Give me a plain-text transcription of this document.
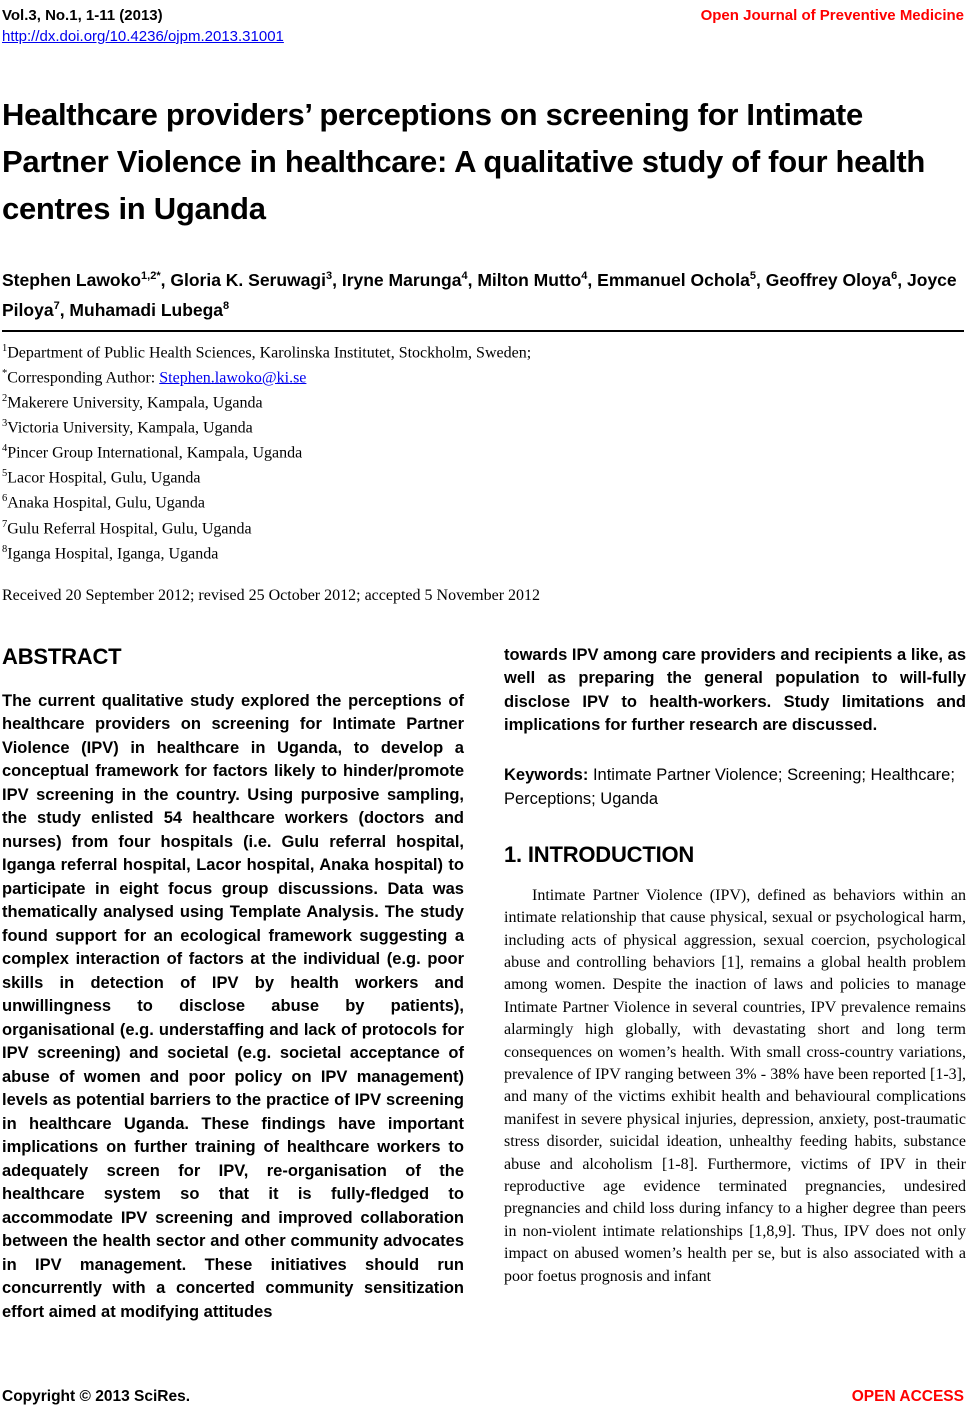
Vol.3, No.1, 1-11 (2013)
http://dx.doi.org/10.4236/ojpm.2013.31001
Open Journal of Preventive Medicine
Healthcare providers’ perceptions on screening for Intimate Partner Violence in healthcare: A qualitative study of four health centres in Uganda
Stephen Lawoko$^{1,2*}$, Gloria K. Seruwagi$^3$, Iryne Marunga$^4$, Milton Mutto$^4$, Emmanuel Ochola$^5$, Geoffrey Oloya$^6$, Joyce Piloya$^7$, Muhamadi Lubega$^8$
$^1$Department of Public Health Sciences, Karolinska Institutet, Stockholm, Sweden;
*Corresponding Author: Stephen.lawoko@ki.se
$^2$Makerere University, Kampala, Uganda
$^3$Victoria University, Kampala, Uganda
$^4$Pincer Group International, Kampala, Uganda
$^5$Lacor Hospital, Gulu, Uganda
$^6$Anaka Hospital, Gulu, Uganda
$^7$Gulu Referral Hospital, Gulu, Uganda
$^8$Iganga Hospital, Iganga, Uganda
Received 20 September 2012; revised 25 October 2012; accepted 5 November 2012
ABSTRACT

The current qualitative study explored the perceptions of healthcare providers on screening for Intimate Partner Violence (IPV) in healthcare in Uganda, to develop a conceptual framework for factors likely to hinder/promote IPV screening in the country. Using purposive sampling, the study enlisted 54 healthcare workers (doctors and nurses) from four hospitals (i.e. Gulu referral hospital, Iganga referral hospital, Lacor hospital, Anaka hospital) to participate in eight focus group discussions. Data was thematically analysed using Template Analysis. The study found support for an ecological framework suggesting a complex interaction of factors at the individual (e.g. poor skills in detection of IPV by health workers and unwillingness to disclose abuse by patients), organisational (e.g. understaffing and lack of protocols for IPV screening) and societal (e.g. societal acceptance of abuse of women and poor policy on IPV management) levels as potential barriers to the practice of IPV screening in healthcare Uganda. These findings have important implications on further training of healthcare workers to adequately screen for IPV, re-organisation of the healthcare system so that it is fully-fledged to accommodate IPV screening and improved collaboration between the health sector and other community advocates in IPV management. These initiatives should run concurrently with a concerted community sensitization effort aimed at modifying attitudes

towards IPV among care providers and recipients a like, as well as preparing the general population to will-fully disclose IPV to health-workers. Study limitations and implications for further research are discussed.

Keywords: Intimate Partner Violence; Screening; Healthcare; Perceptions; Uganda

1. INTRODUCTION

Intimate Partner Violence (IPV), defined as behaviors within an intimate relationship that cause physical, sexual or psychological harm, including acts of physical aggression, sexual coercion, psychological abuse and controlling behaviors [1], remains a global health problem among women. Despite the inaction of laws and policies to manage Intimate Partner Violence in several countries, IPV prevalence remains alarmingly high globally, with devastating short and long term consequences on women’s health. With small cross-country variations, prevalence of IPV ranging between 3% - 38% have been reported [1-3], and many of the victims exhibit health and behavioural complications manifest in severe physical injuries, depression, anxiety, post-traumatic stress disorder, suicidal ideation, unhealthy feeding habits, substance abuse and alcoholism [1-8]. Furthermore, victims of IPV in their reproductive age evidence terminated pregnancies, undesired pregnancies and child loss during infancy to a higher degree than peers in non-violent intimate relationships [1,8,9]. Thus, IPV does not only impact on abused women’s health per se, but is also associated with a poor foetus prognosis and infant

Copyright © 2013 SciRes.	OPEN ACCESS
